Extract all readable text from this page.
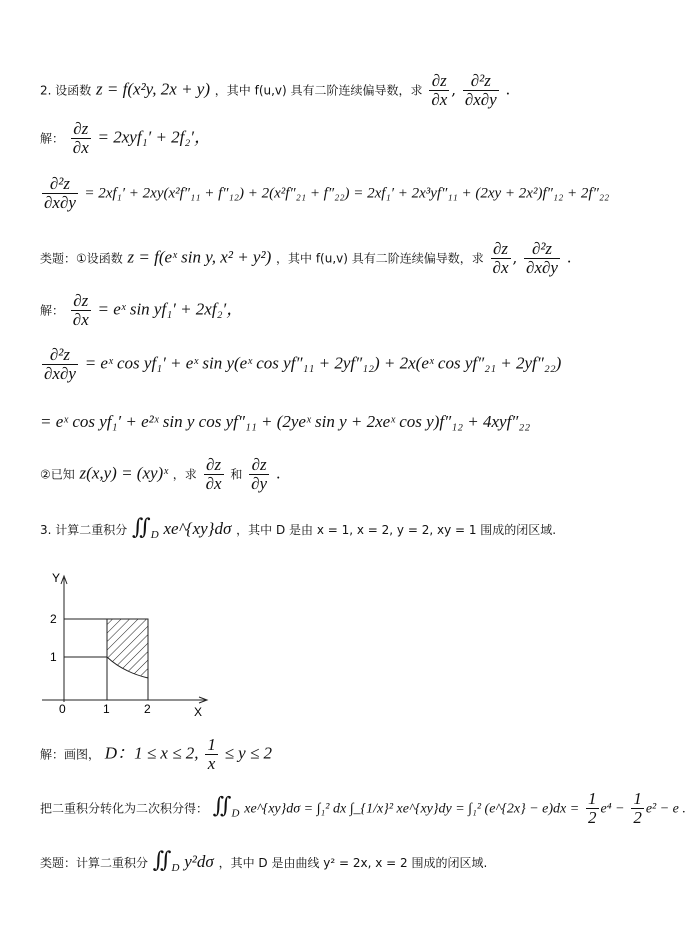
2. 设函数 z = f(x²y, 2x + y) ，其中 f(u,v) 具有二阶连续偏导数，求 $\frac{\partial z}{\partial x}$ , $\frac{\text{∂²z}}{\partial x\partial y}$ .
解： $\frac{\partial z}{\partial x} = 2xyf_1' + 2f_2'$，
$\frac{\text{∂²z}}{\partial x\partial y} = 2xf_1' + 2xy(x^2f''_{11} + f''_{12}) + 2(x^2f''_{21} + f''_{22}) = 2xf_1' + 2x^3yf''_{11} + (2xy + 2x^2)f''_{12} + 2f''_{22}$
类题：①设函数 z = f(eˣ sin y, x² + y²) ，其中 f(u,v) 具有二阶连续偏导数，求 $\frac{\partial z}{\partial x}$ , $\frac{\text{∂²z}}{\partial x\partial y}$ .
解： $\frac{\partial z}{\partial x}$ = eˣ sin yf₁′ + 2xf₂′，
$\frac{\text{∂²z}}{\partial x\partial y}$ = eˣ cos yf₁′ + eˣ sin y(eˣ cos yf″₁₁ + 2yf″₁₂) + 2x(eˣ cos yf″₂₁ + 2yf″₂₂)
= eˣ cos yf₁′ + e²ˣ sin y cos yf″₁₁ + (2yeˣ sin y + 2xeˣ cos y)f″₁₂ + 4xyf″₂₂
②已知 z(x,y) = (xy)ˣ ，求 $\frac{\partial z}{\partial x}$ 和 $\frac{\partial z}{\partial y}$ .
3. 计算二重积分 $∬_D$ xe^{xy}dσ ，其中 D 是由 x = 1, x = 2, y = 2, xy = 1 围成的闭区域.
Y
X
0
2
1
1	2
解：画图， D：1 ≤ x ≤ 2, $\frac{1}{x} \le y \le 2$
把二重积分转化为二次积分得： $∬_D$ xe^{xy}dσ = ∫₁² dx ∫_{1/x}² xe^{xy}dy = ∫₁² (e^{2x} − $e)dx = \frac{1}{2} e^4 - \frac{1}{2} e^2 - e$ .
类题：计算二重积分 $∬_D$ y²dσ ，其中 D 是由曲线 y² = 2x, x = 2 围成的闭区域.
